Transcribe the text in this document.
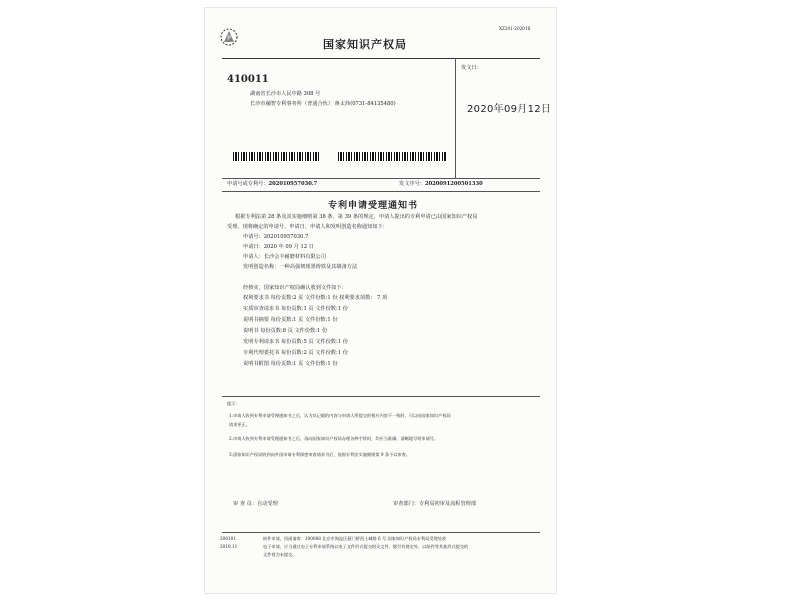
P
XZ201-202016
国家知识产权局
410011
湖南省长沙市人民中路 308 号
长沙市融智专利事务所（普通合伙） 蒋太炜(0731-84135480)
发文日：
2020年09月12日
申请号或专利号：202010957030.7	发文序号：2020091200501330
专利申请受理通知书
根据专利法第 28 条及其实施细则第 38 条、第 39 条的规定，申请人提出的专利申请已由国家知识产权局
受理。现将确定的申请号、申请日、申请人和发明创造名称通知如下：
申请号：202010957030.7
申请日：2020 年 09 月 12 日
申请人：长沙会丰耐磨材料有限公司
发明创造名称：一种高强韧球墨铸铁及其制备方法
经核实，国家知识产权局确认收到文件如下：
权利要求书 每份页数:2 页 文件份数:1 份 权利要求项数： 7 项
实质审查请求书 每份页数:1 页 文件份数:1 份
说明书摘要 每份页数:1 页 文件份数:1 份
说明书 每份页数:8 页 文件份数:1 份
发明专利请求书 每份页数:5 页 文件份数:1 份
专利代理委托书 每份页数:2 页 文件份数:1 份
说明书附图 每份页数:1 页 文件份数:1 份
提示：
1.申请人收到专利申请受理通知书之后，认为其记载的内容与申请人所提交的相应内容不一致时，可以向国家知识产权局
请求更正。
2.申请人收到专利申请受理通知书之后，再向国家知识产权局办理各种手续时，均应当准确、清晰地写明申请号。
3.国家知识产权局收到向外国申请专利保密审查请求书后，依据专利法实施细则第 9 条予以审查。
审 查 员：自动受理	审查部门：专利局初审及流程管理部
200101
2019.11
纸件申请，回函请寄：100088 北京市海淀区蓟门桥西土城路 6 号 国家知识产权局专利局受理处收
电子申请，应当通过电子专利申请系统以电子文件形式提交相关文件。除另有规定外，以纸件等其他形式提交的
文件视为未提交。
